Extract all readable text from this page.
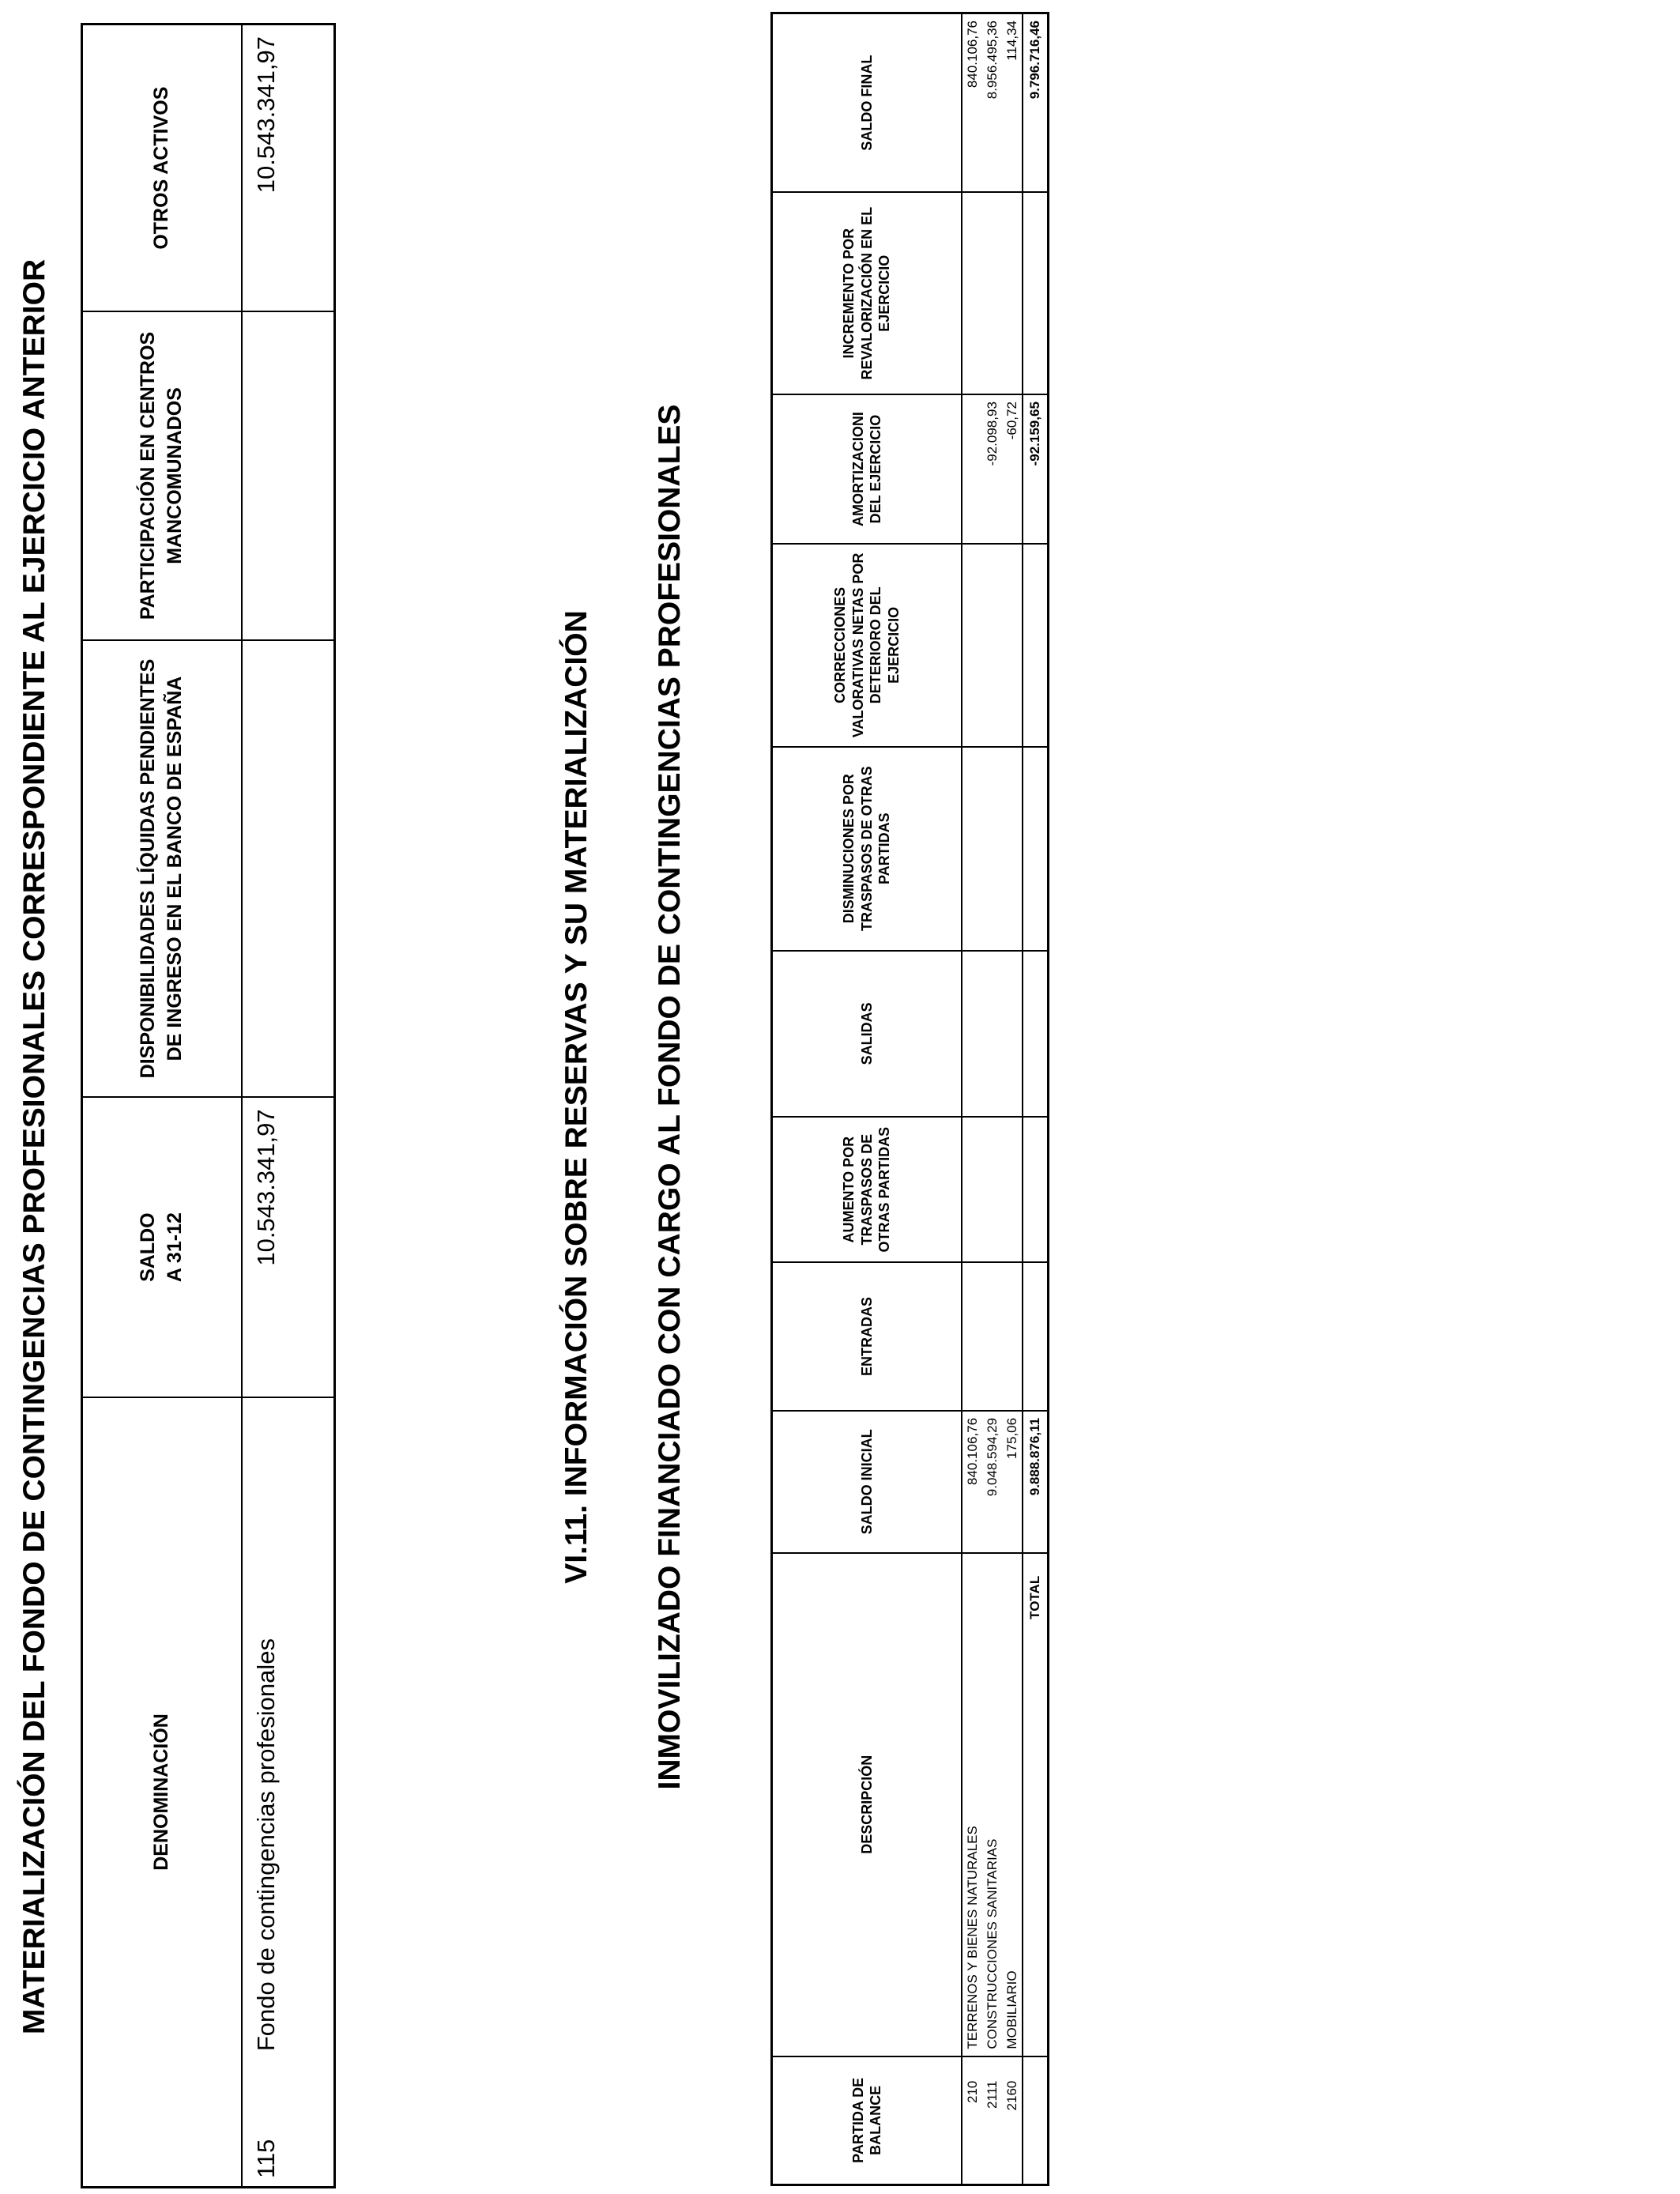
MATERIALIZACIÓN DEL FONDO DE CONTINGENCIAS PROFESIONALES CORRESPONDIENTE AL EJERCICIO ANTERIOR	DENOMINACIÓN		SALDO A 31-12	DISPONIBILIDADES LÍQUIDAS PENDIENTES DE INGRESO EN EL BANCO DE ESPAÑA	PARTICIPACIÓN EN CENTROS MANCOMUNADOS	OTROS ACTIVOS
115	Fondo de contingencias profesionales	10.543.341,97			10.543.341,97
VI.11. INFORMACIÓN SOBRE RESERVAS Y SU MATERIALIZACIÓN INMOVILIZADO FINANCIADO CON CARGO AL FONDO DE CONTINGENCIAS PROFESIONALES
PARTIDA DE BALANCE	DESCRIPCIÓN	SALDO INICIAL	ENTRADAS	AUMENTO POR TRASPASOS DE OTRAS PARTIDAS	SALIDAS	DISMINUCIONES POR TRASPASOS DE OTRAS PARTIDAS	CORRECCIONES VALORATIVAS NETAS POR DETERIORO DEL EJERCICIO	AMORTIZACIONI DEL EJERCICIO	INCREMENTO POR REVALORIZACIÓN EN EL EJERCICIO	SALDO FINAL
210	TERRENOS Y BIENES NATURALES	840.106,76								840.106,76
2111	CONSTRUCCIONES SANITARIAS	9.048.594,29						-92.098,93		8.956.495,36
2160	MOBILIARIO	175,06						-60,72		114,34
	TOTAL	9.888.876,11						-92.159,65		9.796.716,46
